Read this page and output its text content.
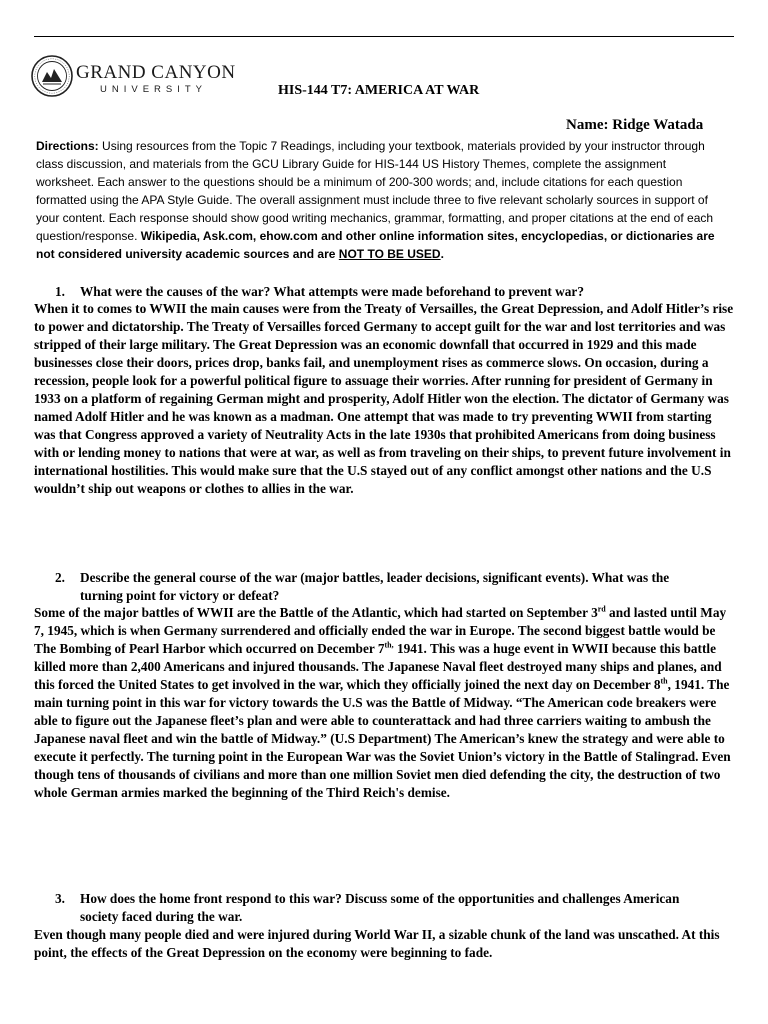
GRAND CANYON
UNIVERSITY	HIS-144 T7: AMERICA AT WAR
Name: Ridge Watada
Directions: Using resources from the Topic 7 Readings, including your textbook, materials provided by your instructor through class discussion, and materials from the GCU Library Guide for HIS-144 US History Themes, complete the assignment worksheet. Each answer to the questions should be a minimum of 200-300 words; and, include citations for each question formatted using the APA Style Guide. The overall assignment must include three to five relevant scholarly sources in support of your content. Each response should show good writing mechanics, grammar, formatting, and proper citations at the end of each question/response. Wikipedia, Ask.com, ehow.com and other online information sites, encyclopedias, or dictionaries are not considered university academic sources and are NOT TO BE USED.
1. What were the causes of the war? What attempts were made beforehand to prevent war?
When it to comes to WWII the main causes were from the Treaty of Versailles, the Great Depression, and Adolf Hitler’s rise to power and dictatorship. The Treaty of Versailles forced Germany to accept guilt for the war and lost territories and was stripped of their large military. The Great Depression was an economic downfall that occurred in 1929 and this made businesses close their doors, prices drop, banks fail, and unemployment rises as commerce slows. On occasion, during a recession, people look for a powerful political figure to assuage their worries. After running for president of Germany in 1933 on a platform of regaining German might and prosperity, Adolf Hitler won the election. The dictator of Germany was named Adolf Hitler and he was known as a madman. One attempt that was made to try preventing WWII from starting was that Congress approved a variety of Neutrality Acts in the late 1930s that prohibited Americans from doing business with or lending money to nations that were at war, as well as from traveling on their ships, to prevent future involvement in international hostilities. This would make sure that the U.S stayed out of any conflict amongst other nations and the U.S wouldn’t ship out weapons or clothes to allies in the war.
2. Describe the general course of the war (major battles, leader decisions, significant events). What was the turning point for victory or defeat?
Some of the major battles of WWII are the Battle of the Atlantic, which had started on September 3rd and lasted until May 7, 1945, which is when Germany surrendered and officially ended the war in Europe. The second biggest battle would be The Bombing of Pearl Harbor which occurred on December $7^{th,}$ 1941. This was a huge event in WWII because this battle killed more than 2,400 Americans and injured thousands. The Japanese Naval fleet destroyed many ships and planes, and this forced the United States to get involved in the war, which they officially joined the next day on December 8th, 1941. The main turning point in this war for victory towards the U.S was the Battle of Midway. “The American code breakers were able to figure out the Japanese fleet’s plan and were able to counterattack and had three carriers waiting to ambush the Japanese naval fleet and win the battle of Midway.” (U.S Department) The American’s knew the strategy and were able to execute it perfectly. The turning point in the European War was the Soviet Union’s victory in the Battle of Stalingrad. Even though tens of thousands of civilians and more than one million Soviet men died defending the city, the destruction of two whole German armies marked the beginning of the Third Reich's demise.
3. How does the home front respond to this war? Discuss some of the opportunities and challenges American society faced during the war.
Even though many people died and were injured during World War II, a sizable chunk of the land was unscathed. At this point, the effects of the Great Depression on the economy were beginning to fade.
